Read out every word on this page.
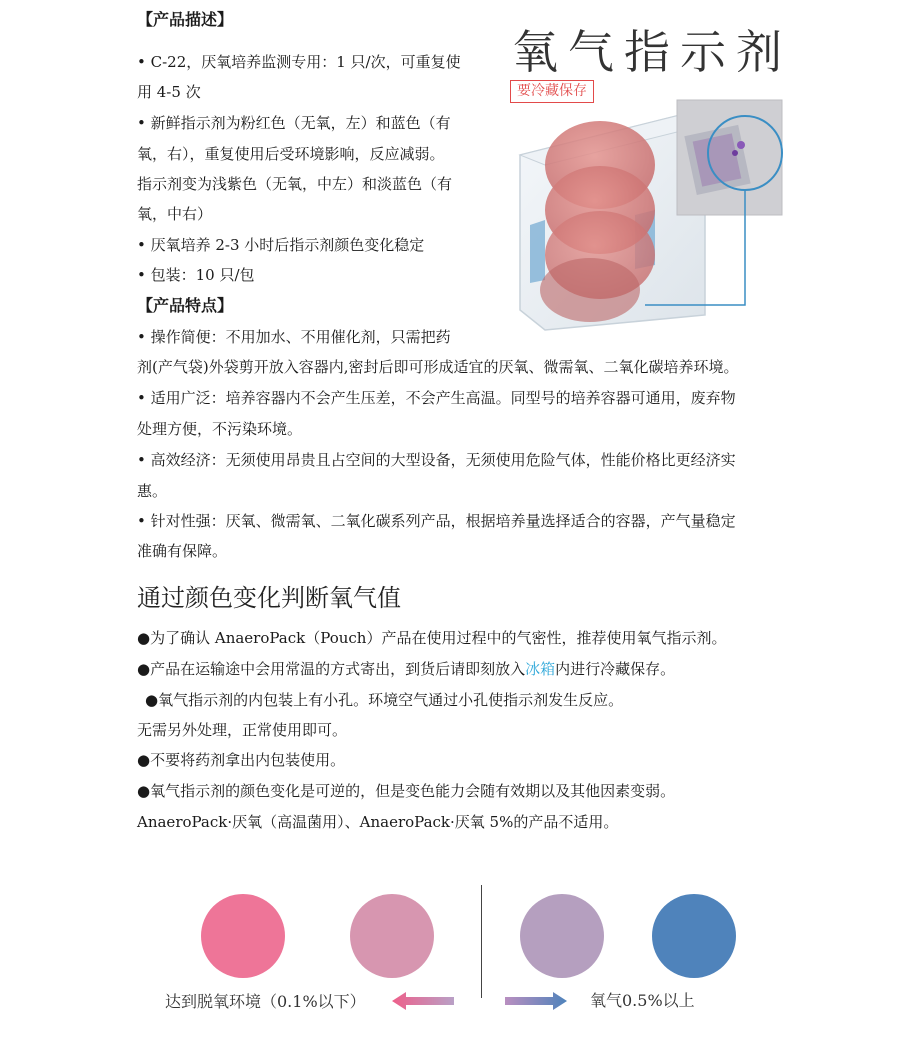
【产品描述】
• C-22，厌氧培养监测专用：1 只/次，可重复使
用 4-5 次
• 新鲜指示剂为粉红色（无氧，左）和蓝色（有
氧，右），重复使用后受环境影响，反应减弱。
指示剂变为浅紫色（无氧，中左）和淡蓝色（有
氧，中右）
• 厌氧培养 2-3 小时后指示剂颜色变化稳定
• 包装：10 只/包
【产品特点】
• 操作简便：不用加水、不用催化剂，只需把药
剂(产气袋)外袋剪开放入容器内,密封后即可形成适宜的厌氧、微需氧、二氧化碳培养环境。
• 适用广泛：培养容器内不会产生压差，不会产生高温。同型号的培养容器可通用，废弃物
处理方便，不污染环境。
• 高效经济：无须使用昂贵且占空间的大型设备，无须使用危险气体，性能价格比更经济实
惠。
• 针对性强：厌氧、微需氧、二氧化碳系列产品，根据培养量选择适合的容器，产气量稳定
准确有保障。
氧气指示剂
要冷藏保存
通过颜色变化判断氧气值
●为了确认 AnaeroPack（Pouch）产品在使用过程中的气密性，推荐使用氧气指示剂。
●产品在运输途中会用常温的方式寄出，到货后请即刻放入冰箱内进行冷藏保存。
●氧气指示剂的内包装上有小孔。环境空气通过小孔使指示剂发生反应。
无需另外处理，正常使用即可。
●不要将药剂拿出内包装使用。
●氧气指示剂的颜色变化是可逆的，但是变色能力会随有效期以及其他因素变弱。
AnaeroPack·厌氧（高温菌用）、AnaeroPack·厌氧 5%的产品不适用。
达到脱氧环境（0.1%以下）	氧气0.5%以上
